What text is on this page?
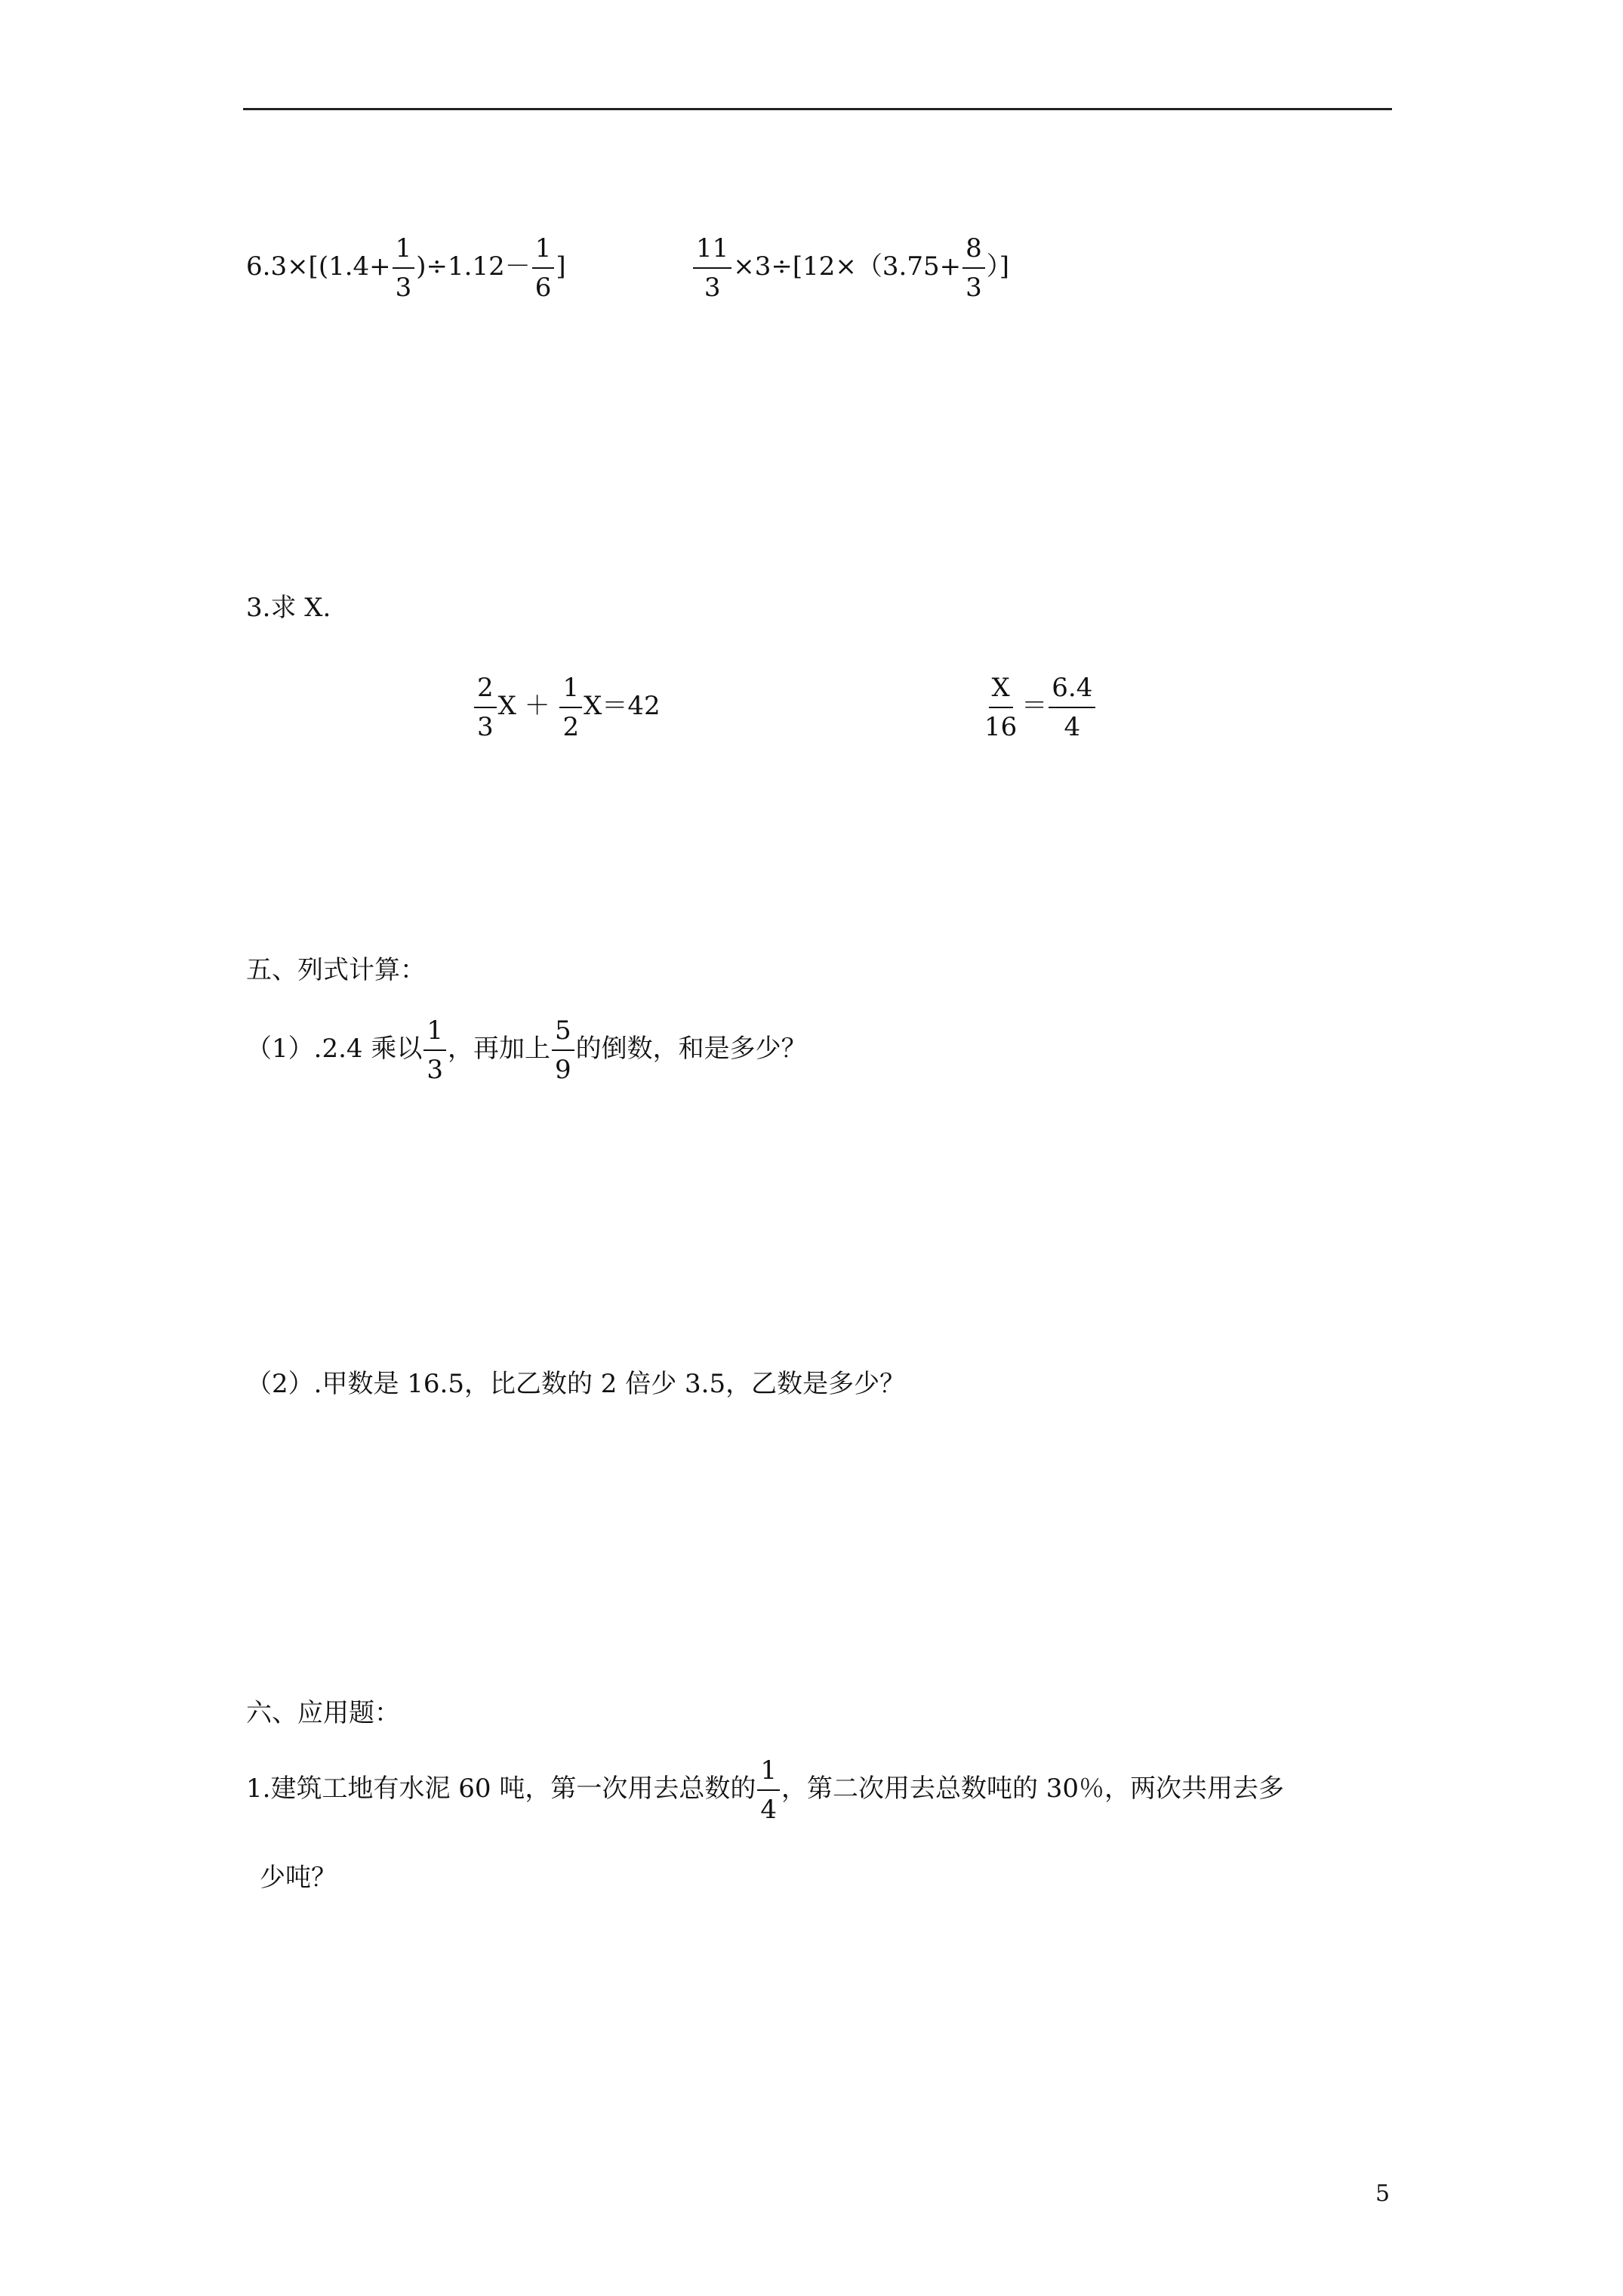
$6.3\times[(1.4+ \frac{1}{3} )\div 1.12- \frac{1}{6}$ ]	$\frac{11}{3} \times 3\div[12\times(3.75+ \frac{8}{3}$ ）]
3.求 X.
$\frac{2}{3}$ $X + \frac{1}{2} X=42$	$\frac{X}{16} = \frac{6.4}{4}$
五、列式计算：
（1）.2.4 乘以 $\frac{1}{3}$ ，再加上 $\frac{5}{9}$ 的倒数，和是多少？
（2）.甲数是 16.5，比乙数的 2 倍少 3.5，乙数是多少？
六、应用题：
1.建筑工地有水泥 60 吨，第一次用去总数的 $\frac{1}{4}$ ，第二次用去总数吨的 30％，两次共用去多
少吨？
5
